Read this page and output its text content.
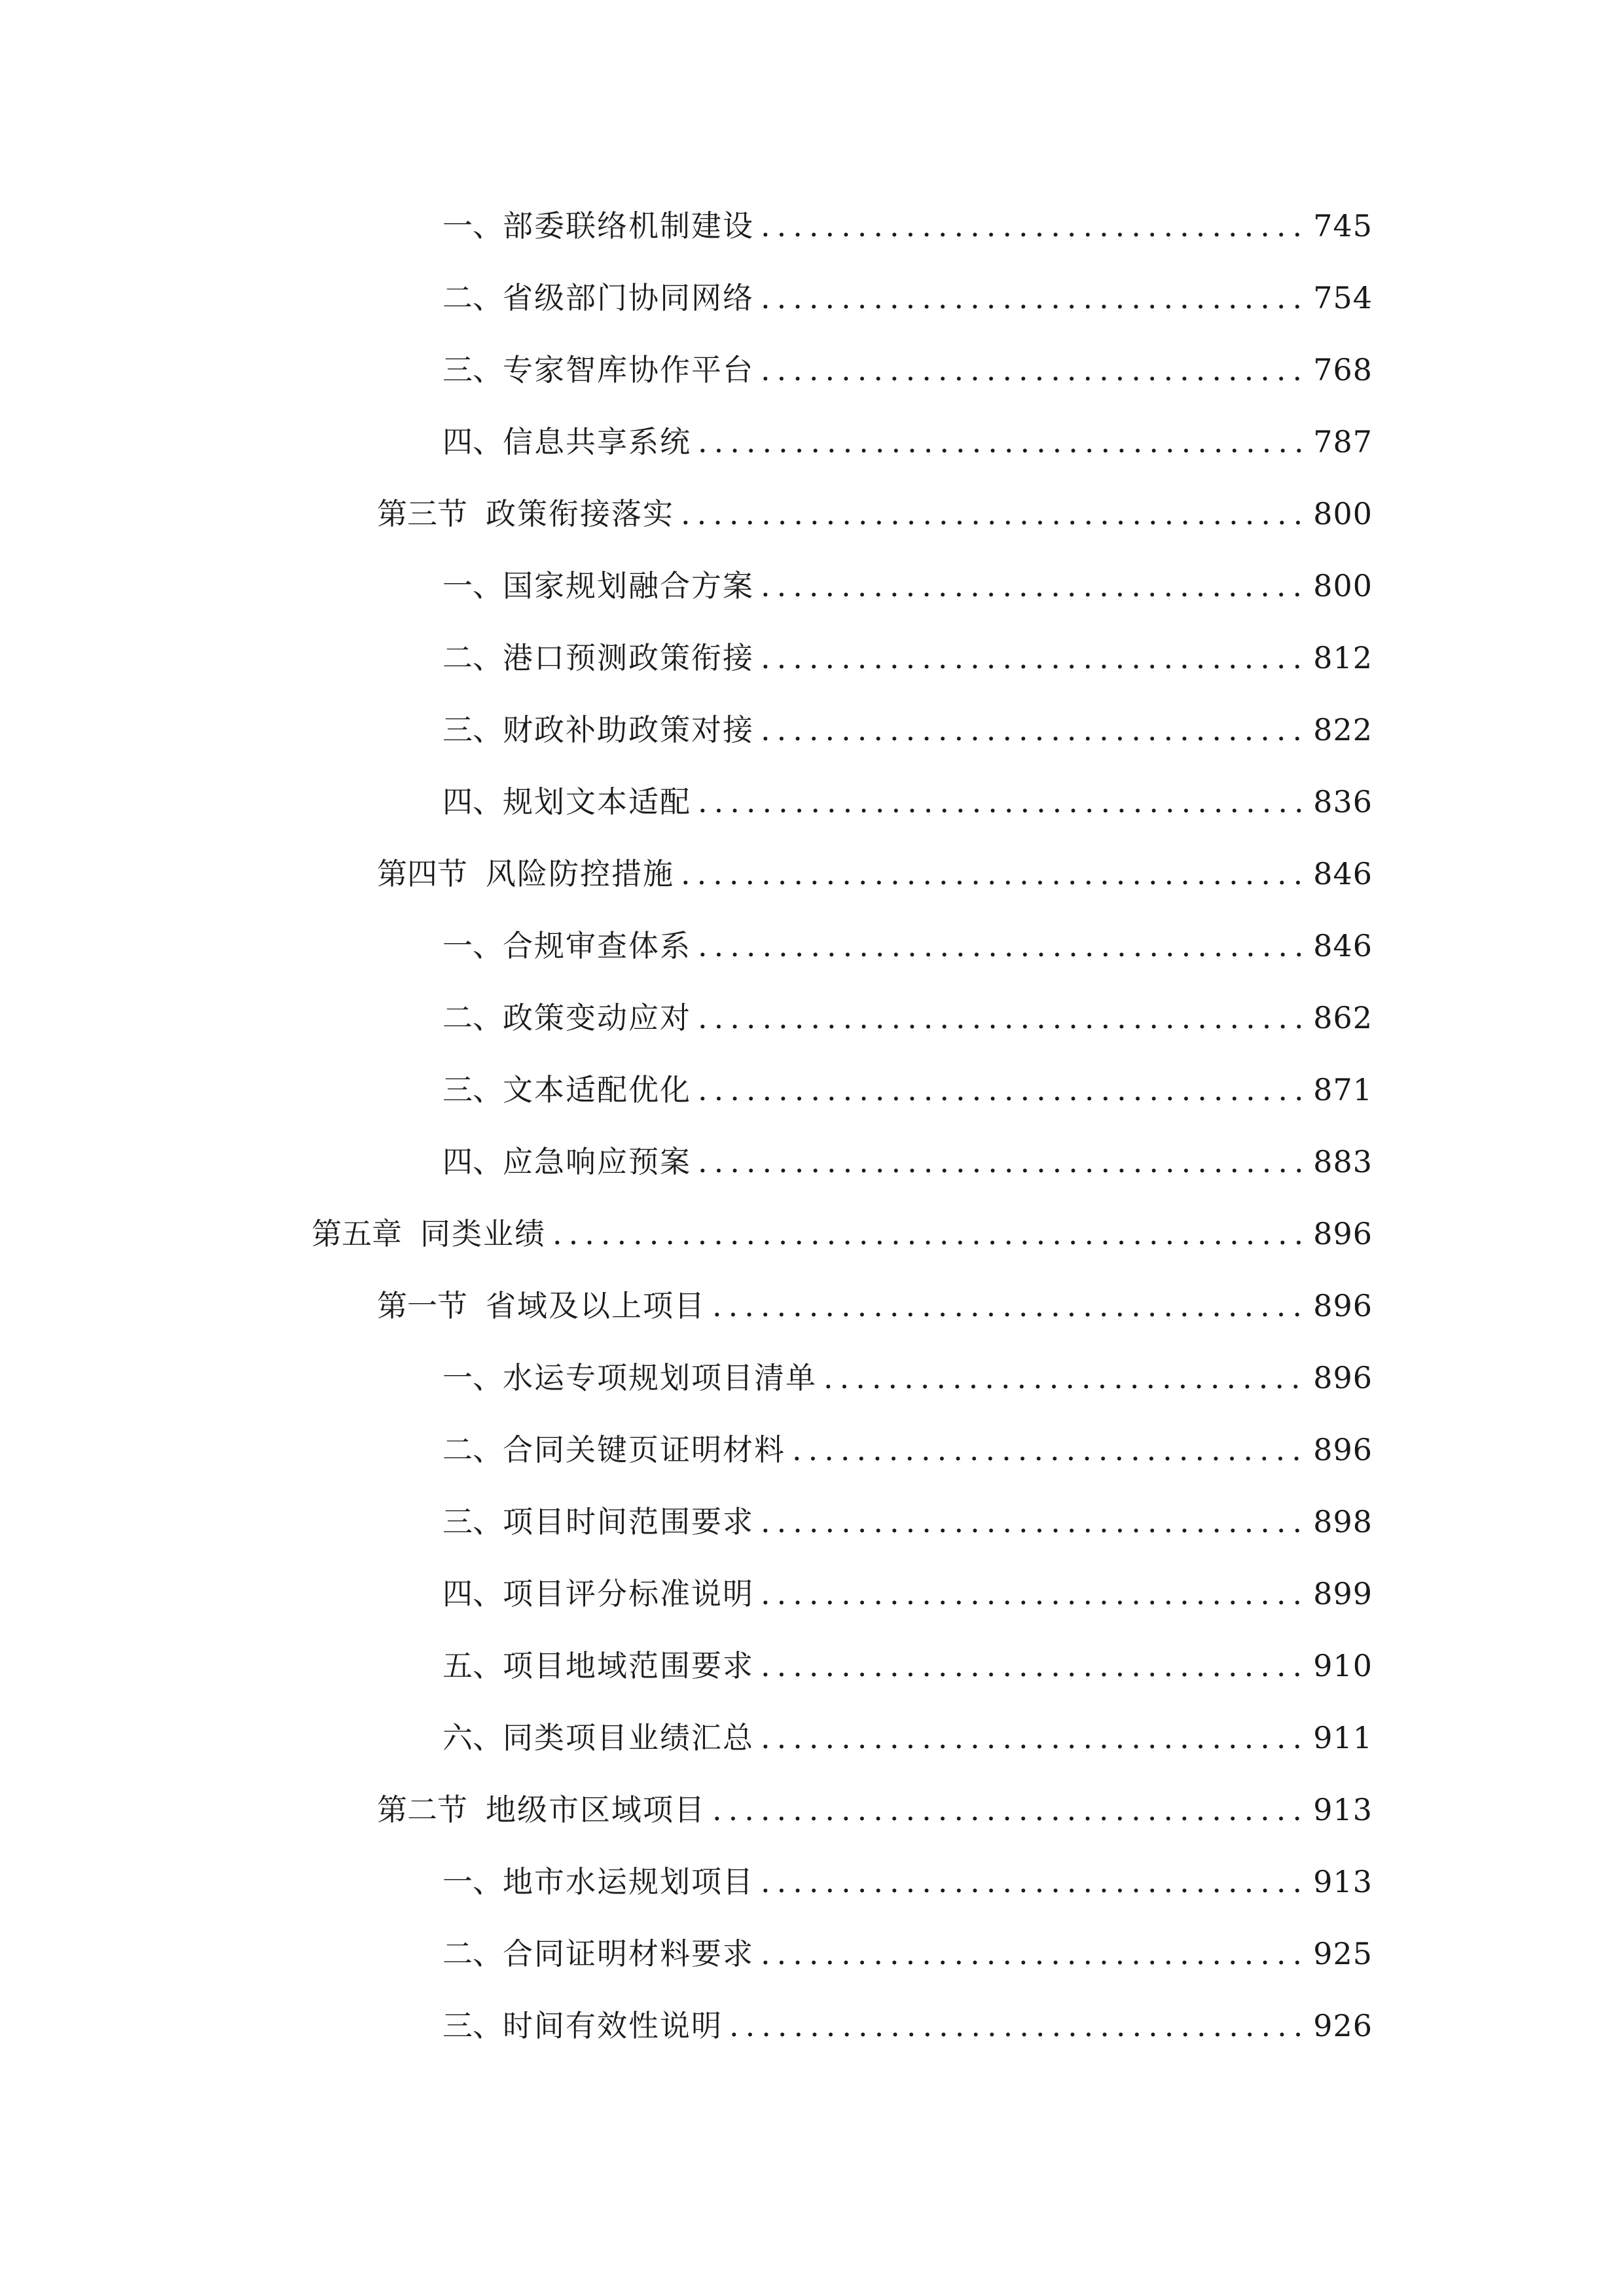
一、 部委联络机制建设 .....	745
二、 省级部门协同网络 .....	754
三、 专家智库协作平台 .....	768
四、 信息共享系统 .....	787
第三节 政策衔接落实 .....	800
一、 国家规划融合方案 .....	800
二、 港口预测政策衔接 .....	812
三、 财政补助政策对接 .....	822
四、 规划文本适配 .....	836
第四节 风险防控措施 .....	846
一、 合规审查体系 .....	846
二、 政策变动应对 .....	862
三、 文本适配优化 .....	871
四、 应急响应预案 .....	883
第五章 同类业绩 .....	896
第一节 省域及以上项目 .....	896
一、 水运专项规划项目清单 .....	896
二、 合同关键页证明材料 .....	896
三、 项目时间范围要求 .....	898
四、 项目评分标准说明 .....	899
五、 项目地域范围要求 .....	910
六、 同类项目业绩汇总 .....	911
第二节 地级市区域项目 .....	913
一、 地市水运规划项目 .....	913
二、 合同证明材料要求 .....	925
三、 时间有效性说明 .....	926
